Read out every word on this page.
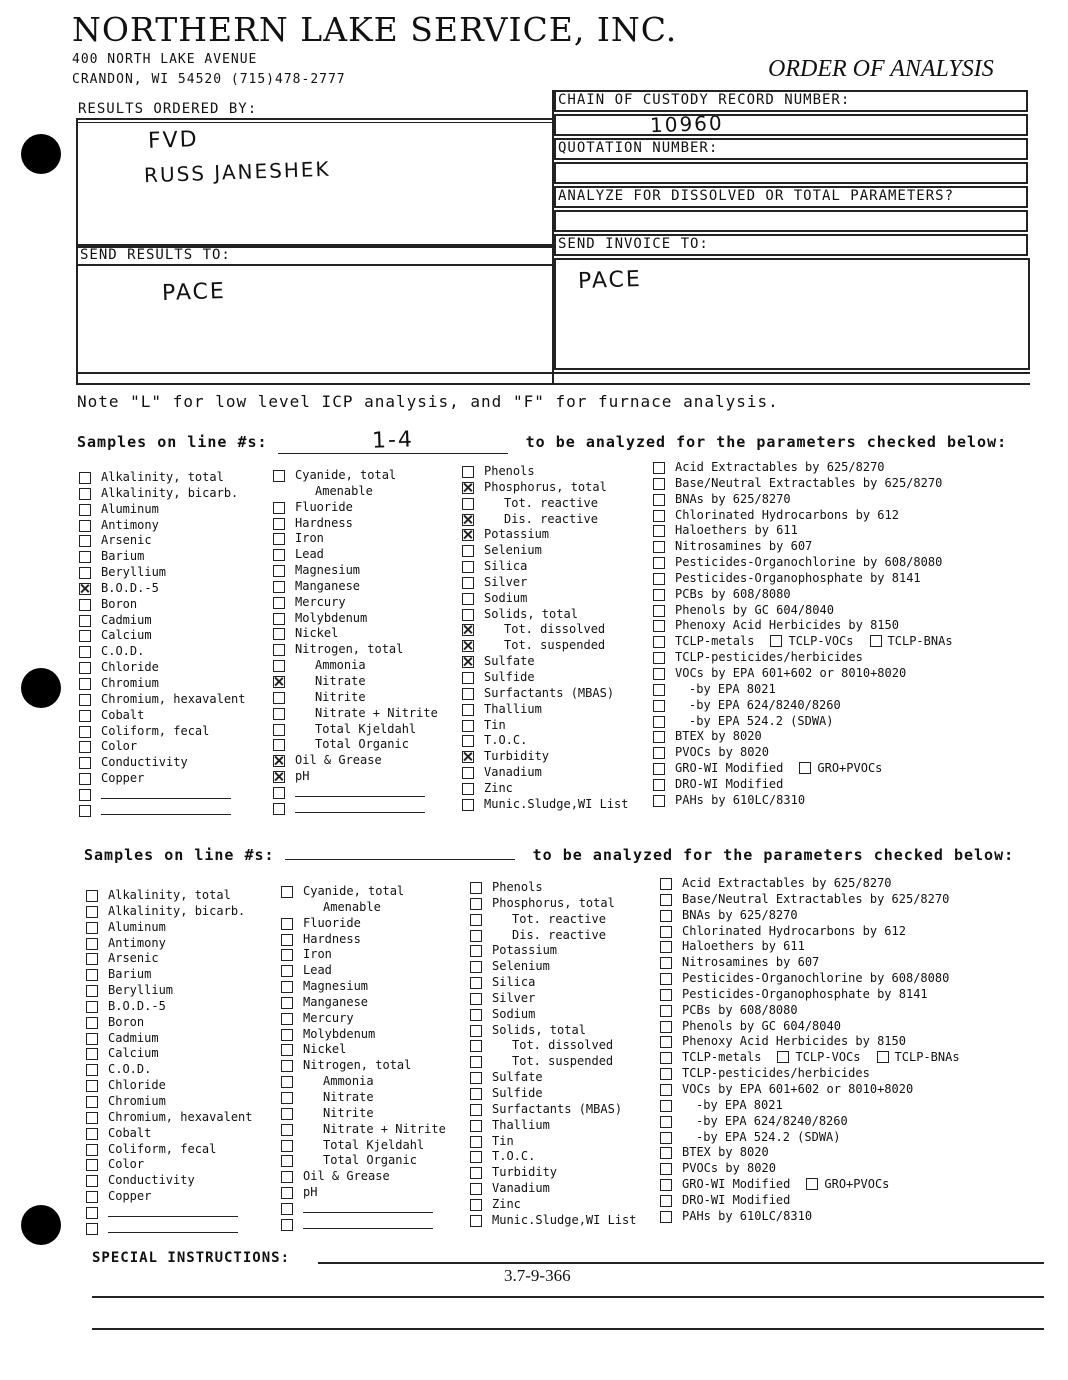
NORTHERN LAKE SERVICE, INC.
400 NORTH LAKE AVENUE
CRANDON, WI 54520 (715)478-2777	ORDER OF ANALYSIS
RESULTS ORDERED BY:
FVD
RUSS JANESHEK
CHAIN OF CUSTODY RECORD NUMBER:
10960
QUOTATION NUMBER:
ANALYZE FOR DISSOLVED OR TOTAL PARAMETERS?
SEND RESULTS TO:
PACE
SEND INVOICE TO:
PACE
Note "L" for low level ICP analysis, and "F" for furnace analysis.
Samples on line #s:	1-4	to be analyzed for the parameters checked below:
Alkalinity, total
Alkalinity, bicarb.
Aluminum
Antimony
Arsenic
Barium
Beryllium
B.O.D.-5
Boron
Cadmium
Calcium
C.O.D.
Chloride
Chromium
Chromium, hexavalent
Cobalt
Coliform, fecal
Color
Conductivity
Copper
Cyanide, total
Amenable
Fluoride
Hardness
Iron
Lead
Magnesium
Manganese
Mercury
Molybdenum
Nickel
Nitrogen, total
Ammonia
Nitrate
Nitrite
Nitrate + Nitrite
Total Kjeldahl
Total Organic
Oil & Grease
pH
Phenols
Phosphorus, total
Tot. reactive
Dis. reactive
Potassium
Selenium
Silica
Silver
Sodium
Solids, total
Tot. dissolved
Tot. suspended
Sulfate
Sulfide
Surfactants (MBAS)
Thallium
Tin
T.O.C.
Turbidity
Vanadium
Zinc
Munic.Sludge,WI List
Acid Extractables by 625/8270
Base/Neutral Extractables by 625/8270
BNAs by 625/8270
Chlorinated Hydrocarbons by 612
Haloethers by 611
Nitrosamines by 607
Pesticides-Organochlorine by 608/8080
Pesticides-Organophosphate by 8141
PCBs by 608/8080
Phenols by GC 604/8040
Phenoxy Acid Herbicides by 8150
TCLP-metals	TCLP-VOCs	TCLP-BNAs
TCLP-pesticides/herbicides
VOCs by EPA 601+602 or 8010+8020
-by EPA 8021
-by EPA 624/8240/8260
-by EPA 524.2 (SDWA)
BTEX by 8020
PVOCs by 8020
GRO-WI Modified	GRO+PVOCs
DRO-WI Modified
PAHs by 610LC/8310
Samples on line #s:	to be analyzed for the parameters checked below:
Alkalinity, total
Alkalinity, bicarb.
Aluminum
Antimony
Arsenic
Barium
Beryllium
B.O.D.-5
Boron
Cadmium
Calcium
C.O.D.
Chloride
Chromium
Chromium, hexavalent
Cobalt
Coliform, fecal
Color
Conductivity
Copper
Cyanide, total
Amenable
Fluoride
Hardness
Iron
Lead
Magnesium
Manganese
Mercury
Molybdenum
Nickel
Nitrogen, total
Ammonia
Nitrate
Nitrite
Nitrate + Nitrite
Total Kjeldahl
Total Organic
Oil & Grease
pH
Phenols
Phosphorus, total
Tot. reactive
Dis. reactive
Potassium
Selenium
Silica
Silver
Sodium
Solids, total
Tot. dissolved
Tot. suspended
Sulfate
Sulfide
Surfactants (MBAS)
Thallium
Tin
T.O.C.
Turbidity
Vanadium
Zinc
Munic.Sludge,WI List
Acid Extractables by 625/8270
Base/Neutral Extractables by 625/8270
BNAs by 625/8270
Chlorinated Hydrocarbons by 612
Haloethers by 611
Nitrosamines by 607
Pesticides-Organochlorine by 608/8080
Pesticides-Organophosphate by 8141
PCBs by 608/8080
Phenols by GC 604/8040
Phenoxy Acid Herbicides by 8150
TCLP-metals	TCLP-VOCs	TCLP-BNAs
TCLP-pesticides/herbicides
VOCs by EPA 601+602 or 8010+8020
-by EPA 8021
-by EPA 624/8240/8260
-by EPA 524.2 (SDWA)
BTEX by 8020
PVOCs by 8020
GRO-WI Modified	GRO+PVOCs
DRO-WI Modified
PAHs by 610LC/8310
SPECIAL INSTRUCTIONS:
3.7-9-366
